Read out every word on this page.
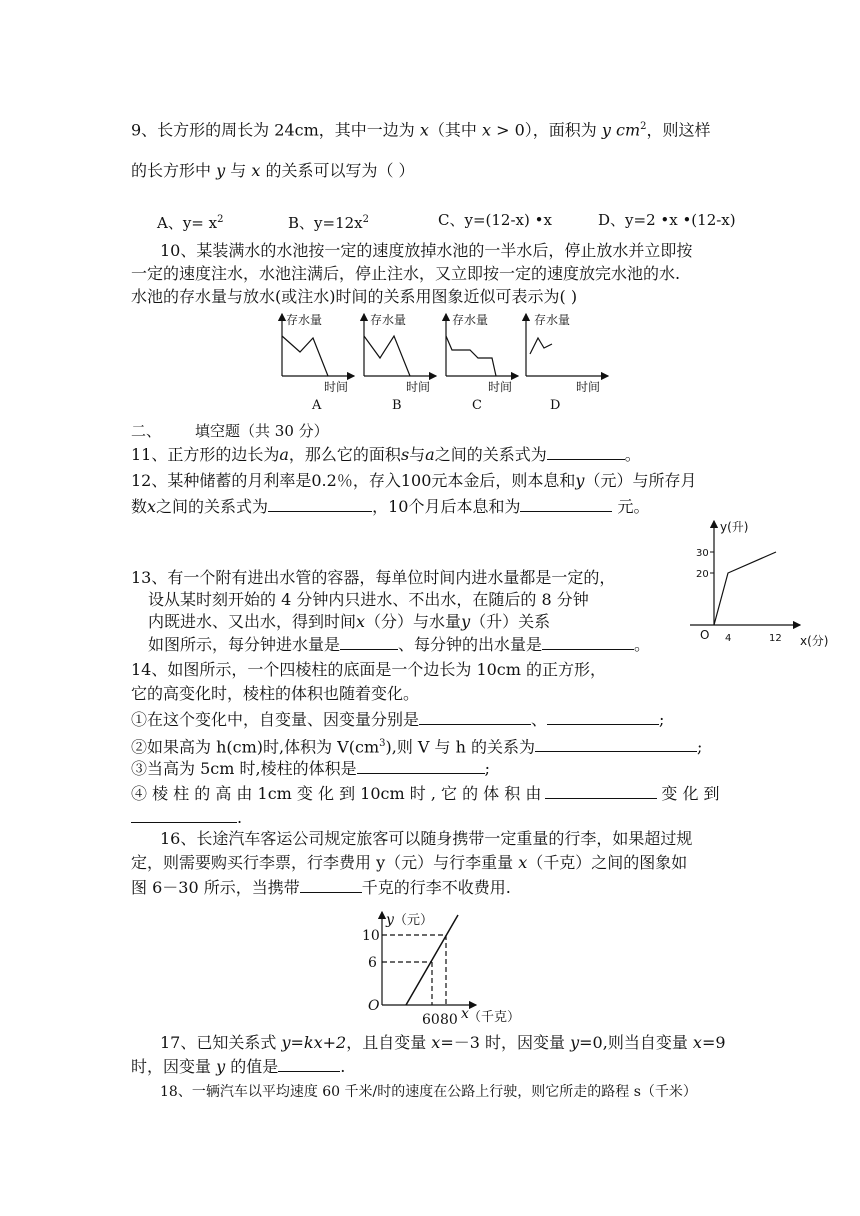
9、长方形的周长为 24cm，其中一边为 x（其中 x > 0），面积为 y $cm^2$，则这样
的长方形中 y 与 x 的关系可以写为（ ）
A、$y= x^2$	B、$y=12x^2$	C、y=(12-x) •x	D、y=2 •x •(12-x)
10、某装满水的水池按一定的速度放掉水池的一半水后，停止放水并立即按
一定的速度注水，水池注满后，停止注水，又立即按一定的速度放完水池的水.
水池的存水量与放水(或注水)时间的关系用图象近似可表示为( )
存水量
时间
A
存水量
时间
B
存水量
时间
C
存水量
时间
D
二、 填空题（共 30 分）
11、正方形的边长为a，那么它的面积s与a之间的关系式为	。
12、某种储蓄的月利率是0.2％，存入100元本金后，则本息和y（元）与所存月
数x之间的关系式为	，10个月后本息和为	元。
y(升)
30
20
O 4	12 x(分)
13、有一个附有进出水管的容器，每单位时间内进水量都是一定的，
设从某时刻开始的 4 分钟内只进水、不出水，在随后的 8 分钟
内既进水、又出水，得到时间x（分）与水量y（升）关系
如图所示，每分钟进水量是	、每分钟的出水量是	。
14、如图所示，一个四棱柱的底面是一个边长为 10cm 的正方形，
它的高变化时，棱柱的体积也随着变化。
①在这个变化中，自变量、因变量分别是	、	;
②如果高为 h(cm)时,体积为 $V(cm^3)$,则 V 与 h 的关系为	;
③当高为 5cm 时,棱柱的体积是	;
④ 棱 柱 的 高 由 1cm 变 化 到 10cm 时 , 它 的 体 积 由	变 化 到
.
16、长途汽车客运公司规定旅客可以随身携带一定重量的行李，如果超过规
定，则需要购买行李票，行李费用 y（元）与行李重量 x（千克）之间的图象如
图 6－30 所示，当携带	千克的行李不收费用.
y （元）
10
6
O
60 80 x （千克）
17、已知关系式 y=kx+2，且自变量 x=－3 时，因变量 y=0,则当自变量 x=9
时，因变量 y 的值是	.
18、一辆汽车以平均速度 60 千米/时的速度在公路上行驶，则它所走的路程 s（千米）
